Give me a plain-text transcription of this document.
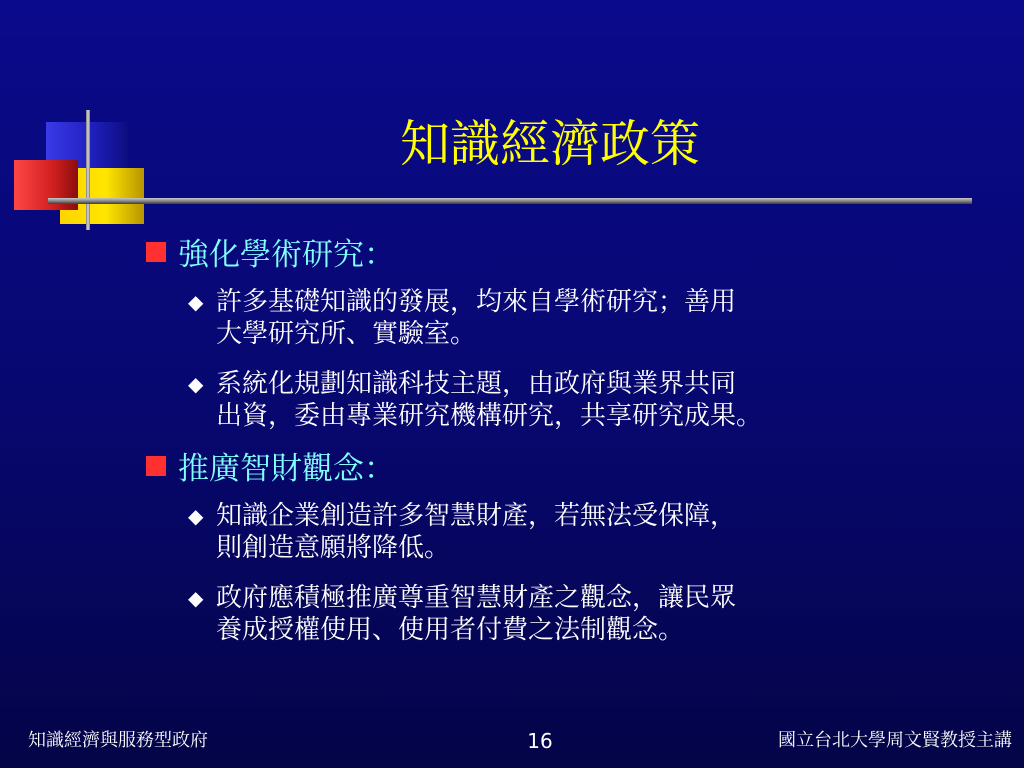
知識經濟政策
強化學術研究：
◆ 許多基礎知識的發展，均來自學術研究；善用
大學研究所、實驗室。
◆ 系統化規劃知識科技主題，由政府與業界共同
出資，委由專業研究機構研究，共享研究成果。
推廣智財觀念：
◆ 知識企業創造許多智慧財產，若無法受保障，
則創造意願將降低。
◆ 政府應積極推廣尊重智慧財產之觀念，讓民眾
養成授權使用、使用者付費之法制觀念。
知識經濟與服務型政府	16	國立台北大學周文賢教授主講
